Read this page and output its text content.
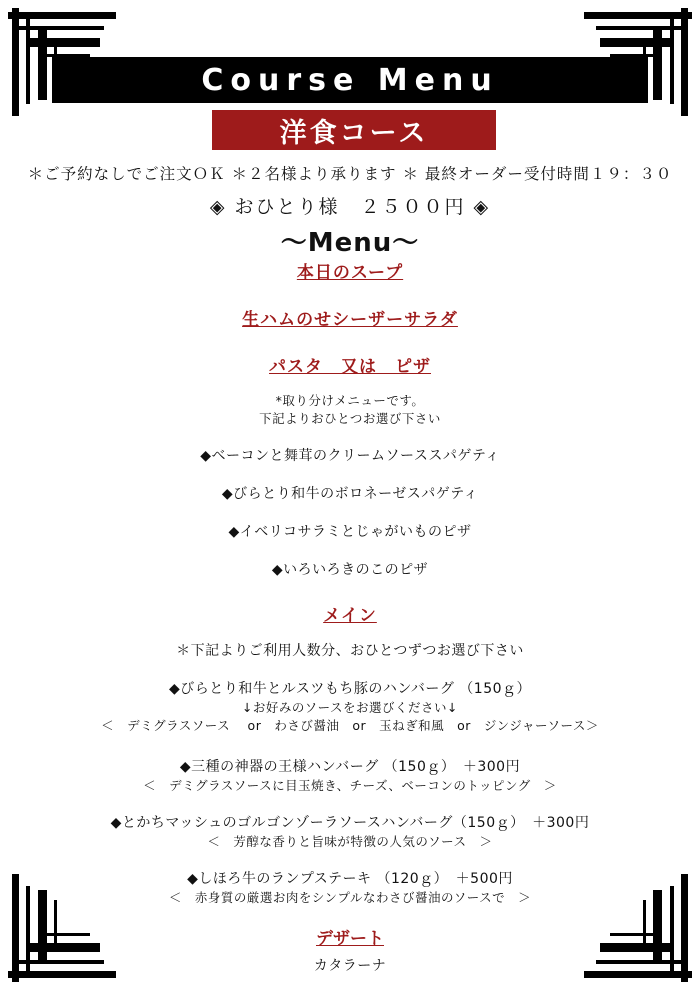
Course Menu
洋食コース
＊ご予約なしでご注文ＯＫ ＊２名様より承ります ＊ 最終オーダー受付時間１９：３０
◈ おひとり様　２５００円 ◈
〜Menu〜
本日のスープ
生ハムのせシーザーサラダ
パスタ　又は　ピザ
*取り分けメニューです。
下記よりおひとつお選び下さい
◆ベーコンと舞茸のクリームソーススパゲティ
◆びらとり和牛のボロネーゼスパゲティ
◆イベリコサラミとじゃがいものピザ
◆いろいろきのこのピザ
メイン
＊下記よりご利用人数分、おひとつずつお選び下さい
◆びらとり和牛とルスツもち豚のハンバーグ （150ｇ）
↓お好みのソースをお選びください↓
＜　デミグラスソース　 or　わさび醤油　or　玉ねぎ和風　or　ジンジャーソース＞
◆三種の神器の王様ハンバーグ （150ｇ）　＋300円
＜　デミグラスソースに目玉焼き、チーズ、ベーコンのトッピング　＞
◆とかちマッシュのゴルゴンゾーラソースハンバーグ（150ｇ）　＋300円
＜　芳醇な香りと旨味が特徴の人気のソース　＞
◆しほろ牛のランプステーキ （120ｇ）　＋500円
＜　赤身質の厳選お肉をシンプルなわさび醤油のソースで　＞
デザート
カタラーナ
